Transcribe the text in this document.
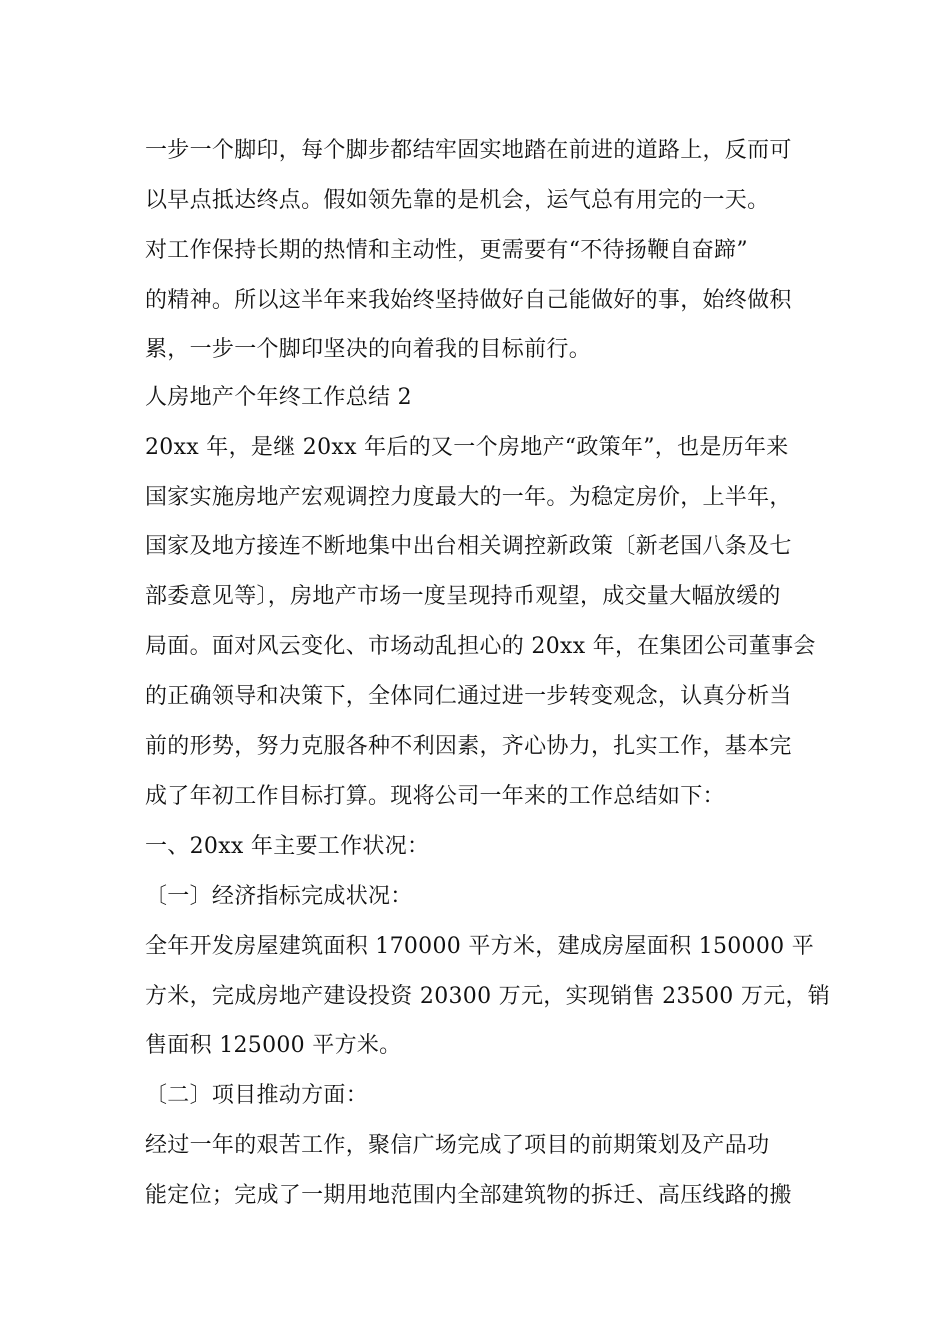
一步一个脚印，每个脚步都结牢固实地踏在前进的道路上，反而可
以早点抵达终点。假如领先靠的是机会，运气总有用完的一天。
对工作保持长期的热情和主动性，更需要有“不待扬鞭自奋蹄”
的精神。所以这半年来我始终坚持做好自己能做好的事，始终做积
累，一步一个脚印坚决的向着我的目标前行。
人房地产个年终工作总结 2
20xx 年，是继 20xx 年后的又一个房地产“政策年”，也是历年来
国家实施房地产宏观调控力度最大的一年。为稳定房价，上半年，
国家及地方接连不断地集中出台相关调控新政策〔新老国八条及七
部委意见等〕，房地产市场一度呈现持币观望，成交量大幅放缓的
局面。面对风云变化、市场动乱担心的 20xx 年，在集团公司董事会
的正确领导和决策下，全体同仁通过进一步转变观念，认真分析当
前的形势，努力克服各种不利因素，齐心协力，扎实工作，基本完
成了年初工作目标打算。现将公司一年来的工作总结如下：
一、20xx 年主要工作状况：
〔一〕经济指标完成状况：
全年开发房屋建筑面积 170000 平方米，建成房屋面积 150000 平
方米，完成房地产建设投资 20300 万元，实现销售 23500 万元，销
售面积 125000 平方米。
〔二〕项目推动方面：
经过一年的艰苦工作，聚信广场完成了项目的前期策划及产品功
能定位；完成了一期用地范围内全部建筑物的拆迁、高压线路的搬
